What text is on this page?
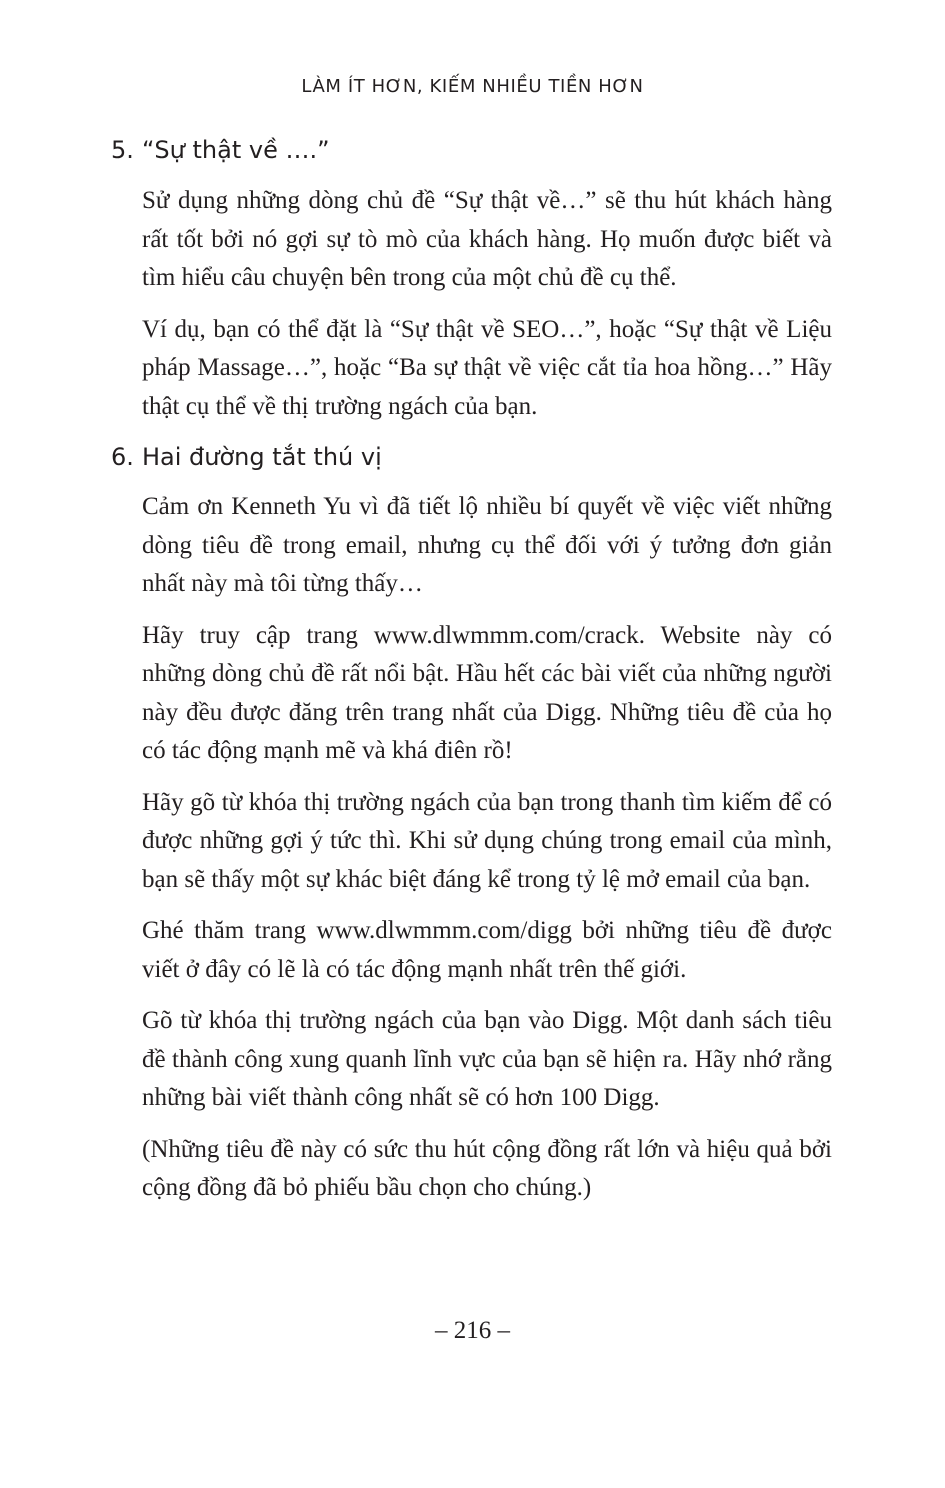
LÀM ÍT HƠN, KIẾM NHIỀU TIỀN HƠN
5. “Sự thật về ….”

Sử dụng những dòng chủ đề “Sự thật về…” sẽ thu hút khách hàng rất tốt bởi nó gợi sự tò mò của khách hàng. Họ muốn được biết và tìm hiểu câu chuyện bên trong của một chủ đề cụ thể.

Ví dụ, bạn có thể đặt là “Sự thật về SEO…”, hoặc “Sự thật về Liệu pháp Massage…”, hoặc “Ba sự thật về việc cắt tỉa hoa hồng…” Hãy thật cụ thể về thị trường ngách của bạn.

6. Hai đường tắt thú vị

Cảm ơn Kenneth Yu vì đã tiết lộ nhiều bí quyết về việc viết những dòng tiêu đề trong email, nhưng cụ thể đối với ý tưởng đơn giản nhất này mà tôi từng thấy…

Hãy truy cập trang www.dlwmmm.com/crack. Website này có những dòng chủ đề rất nổi bật. Hầu hết các bài viết của những người này đều được đăng trên trang nhất của Digg. Những tiêu đề của họ có tác động mạnh mẽ và khá điên rồ!

Hãy gõ từ khóa thị trường ngách của bạn trong thanh tìm kiếm để có được những gợi ý tức thì. Khi sử dụng chúng trong email của mình, bạn sẽ thấy một sự khác biệt đáng kể trong tỷ lệ mở email của bạn.

Ghé thăm trang www.dlwmmm.com/digg bởi những tiêu đề được viết ở đây có lẽ là có tác động mạnh nhất trên thế giới.

Gõ từ khóa thị trường ngách của bạn vào Digg. Một danh sách tiêu đề thành công xung quanh lĩnh vực của bạn sẽ hiện ra. Hãy nhớ rằng những bài viết thành công nhất sẽ có hơn 100 Digg.

(Những tiêu đề này có sức thu hút cộng đồng rất lớn và hiệu quả bởi cộng đồng đã bỏ phiếu bầu chọn cho chúng.)

– 216 –
